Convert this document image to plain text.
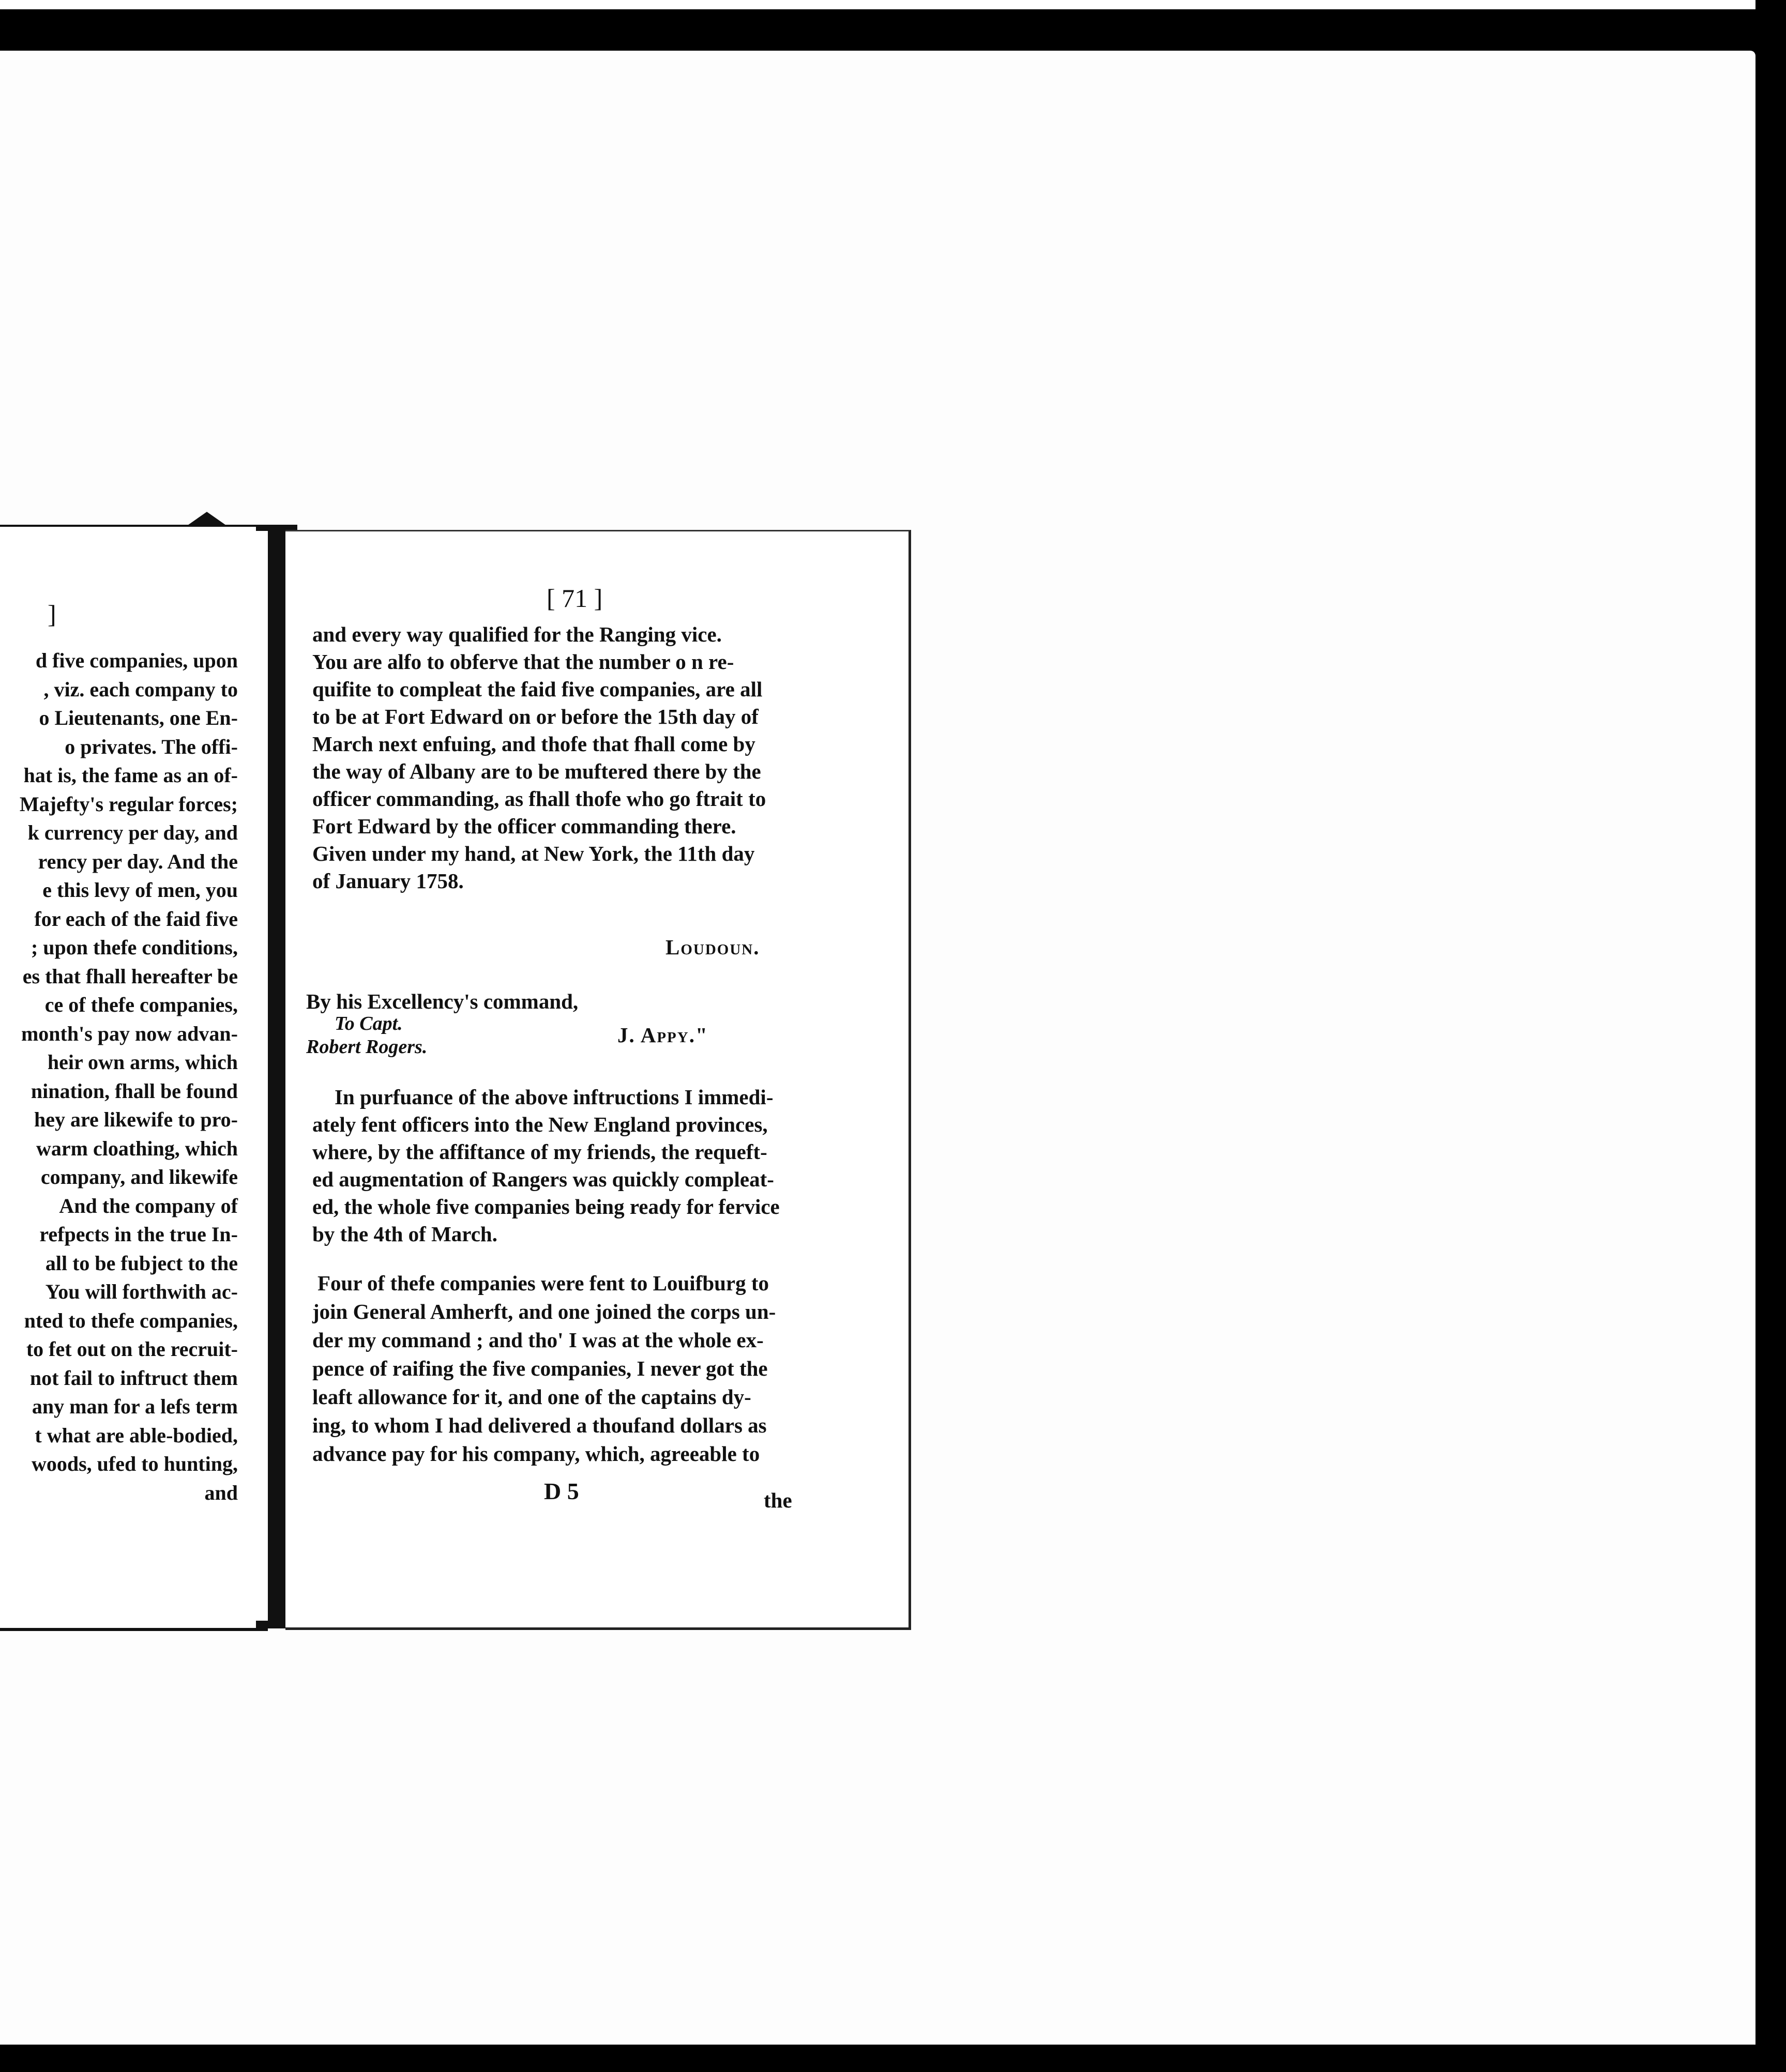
]
d five companies, upon
, viz. each company to
o Lieutenants, one En-
o privates. The offi-
hat is, the fame as an of-
Majefty's regular forces;
k currency per day, and
rency per day. And the
e this levy of men, you
for each of the faid five
; upon thefe conditions,
es that fhall hereafter be
ce of thefe companies,
month's pay now advan-
heir own arms, which
nination, fhall be found
hey are likewife to pro-
warm cloathing, which
company, and likewife
And the company of
refpects in the true In-
all to be fubject to the
You will forthwith ac-
nted to thefe companies,
to fet out on the recruit-
not fail to inftruct them
any man for a lefs term
t what are able-bodied,
woods, ufed to hunting,
and
[ 71 ]
and every way qualified for the Ranging vice.
You are alfo to obferve that the number o n re-
quifite to compleat the faid five companies, are all
to be at Fort Edward on or before the 15th day of
March next enfuing, and thofe that fhall come by
the way of Albany are to be muftered there by the
officer commanding, as fhall thofe who go ftrait to
Fort Edward by the officer commanding there.
Given under my hand, at New York, the 11th day
of January 1758.
Loudoun.
By his Excellency's command,
To Capt.
Robert Rogers.	J. Appy."
In purfuance of the above inftructions I immedi-
ately fent officers into the New England provinces,
where, by the affiftance of my friends, the requeft-
ed augmentation of Rangers was quickly compleat-
ed, the whole five companies being ready for fervice
by the 4th of March.
Four of thefe companies were fent to Louifburg to
join General Amherft, and one joined the corps un-
der my command ; and tho' I was at the whole ex-
pence of raifing the five companies, I never got the
leaft allowance for it, and one of the captains dy-
ing, to whom I had delivered a thoufand dollars as
advance pay for his company, which, agreeable to
D 5	the
